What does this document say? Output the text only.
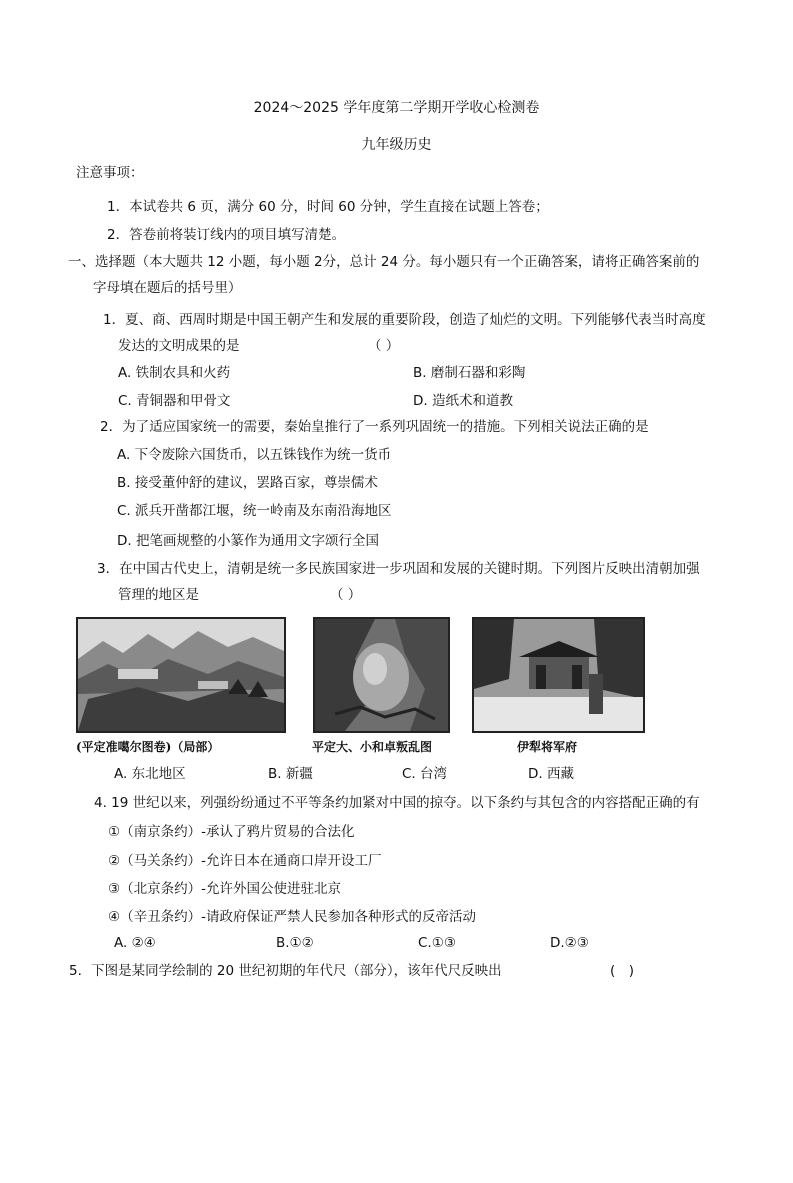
2024～2025 学年度第二学期开学收心检测卷
九年级历史
注意事项：
1．本试卷共 6 页，满分 60 分，时间 60 分钟，学生直接在试题上答卷；
2．答卷前将装订线内的项目填写清楚。
一、选择题（本大题共 12 小题，每小题 2分，总计 24 分。每小题只有一个正确答案，请将正确答案前的
字母填在题后的括号里）
1．夏、商、西周时期是中国王朝产生和发展的重要阶段，创造了灿烂的文明。下列能够代表当时高度
发达的文明成果的是	（ ）
A. 铁制农具和火药	B. 磨制石器和彩陶
C. 青铜器和甲骨文	D. 造纸术和道教
2．为了适应国家统一的需要，秦始皇推行了一系列巩固统一的措施。下列相关说法正确的是
A. 下令废除六国货币，以五铢钱作为统一货币
B. 接受董仲舒的建议，罢路百家，尊崇儒术
C. 派兵开凿都江堰，统一岭南及东南沿海地区
D. 把笔画规整的小篆作为通用文字颂行全国
3．在中国古代史上，清朝是统一多民族国家进一步巩固和发展的关键时期。下列图片反映出清朝加强
管理的地区是	（ ）
(平定准噶尔图卷)（局部）	平定大、小和卓叛乱图	伊犁将军府
A. 东北地区	B. 新疆	C. 台湾	D. 西藏
4. 19 世纪以来，列强纷纷通过不平等条约加紧对中国的掠夺。以下条约与其包含的内容搭配正确的有
①（南京条约）-承认了鸦片贸易的合法化
②（马关条约）-允许日本在通商口岸开设工厂
③（北京条约）-允许外国公使进驻北京
④（辛丑条约）-请政府保证严禁人民参加各种形式的反帝活动
A. ②④	B.①②	C.①③	D.②③
5．下图是某同学绘制的 20 世纪初期的年代尺（部分），该年代尺反映出	(　)
